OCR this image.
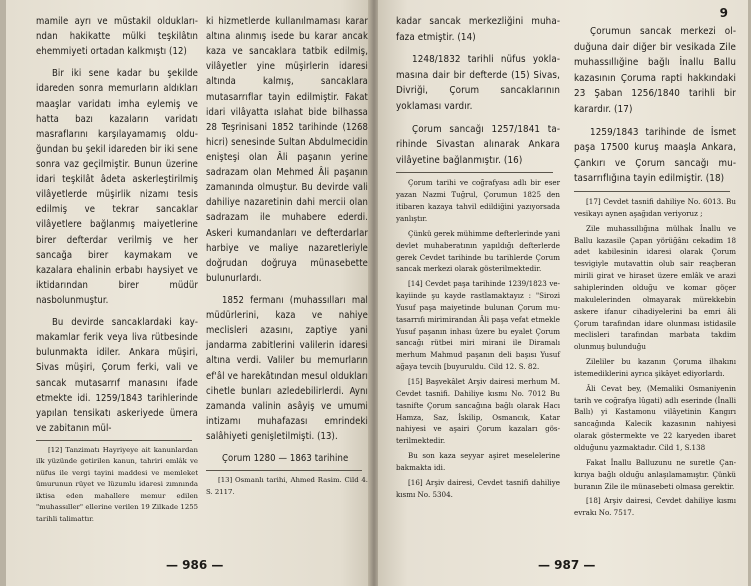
mamile ayrı ve müstakil olduklarından hakikatte mülki teşkilâtın ehemmiyeti ortadan kalkmıştı (12)

Bir iki sene kadar bu şekilde idareden sonra memurların aldıkları maaşlar varidatı imha eylemiş ve hatta bazı kazaların varidatı masraflarını karşılayamamış olduğundan bu şekil idareden bir iki sene sonra vaz geçilmiştir. Bunun üzerine idari teşkilât âdeta askerleştirilmiş vilâyetlerde müşirlik nizamı tesis edilmiş ve tekrar sancaklar vilâyetlere bağlanmış maiyetlerine birer defterdar verilmiş ve her sancağa birer kaymakam ve kazalara ehalinin erbabı haysiyet ve iktidarından birer müdür nasbolunmuştur.

Bu devirde sancaklardaki kaymakamlar ferik veya liva rütbesinde bulunmakta idiler. Ankara müşiri, Sivas müşiri, Çorum ferki, vali ve sancak mutasarrıf manasını ifade etmekte idi. 1259/1843 tarihlerinde yapılan tensikatı askeriyede ümera ve zabitanın mül-

[12] Tanzimatı Hayriyeye ait kanunlardan ilk yüzünde getirilen kanun, tahriri emlâk ve nüfus ile vergi tayini maddesi ve memleket ümurunun rüyet ve lüzumlu idaresi zımnında iktisa eden mahallere memur edilen "muhassıller" ellerine verilen 19 Zilkade 1255 tarihli talimattır.

ki hizmetlerde kullanılmaması karar altına alınmış isede bu karar ancak kaza ve sancaklara tatbik edilmiş, vilâyetler yine müşirlerin idaresi altında kalmış, sancaklara mutasarrıflar tayin edilmiştir. Fakat idari vilâyatta ıslahat bide bilhassa 28 Teşrinisani 1852 tarihinde (1268 hicri) senesinde Sultan Abdulmecidin enişteşi olan Âli paşanın yerine sadrazam olan Mehmed Âli paşanın zamanında olmuştur. Bu devirde vali dahiliye nazaretinin dahi mercii olan sadrazam ile muhabere ederdi. Askeri kumandanları ve defterdarlar harbiye ve maliye nazaretleriyle doğrudan doğruya münasebette bulunurlardı.

1852 fermanı (muhassılları mal müdürlerini, kaza ve nahiye meclisleri azasını, zaptiye yani jandarma zabitlerini valilerin idaresi altına verdi. Valiler bu memurların ef'âl ve harekâtından mesul oldukları cihetle bunları azledebilirlerdi. Aynı zamanda valinin asâyiş ve umumi intizamı muhafazası emrindeki salâhiyeti genişletilmişti. (13).

Çorum 1280 — 1863 tarihine

[13] Osmanlı tarihi, Ahmed Rasim. Cild 4. S. 2117.

— 986 —
9

kadar sancak merkezliğini muhafaza etmiştir. (14)

1248/1832 tarihli nüfus yoklamasına dair bir defterde (15) Sivas, Divriği, Çorum sancaklarının yoklaması vardır.

Çorum sancağı 1257/1841 tarihinde Sivastan alınarak Ankara vilâyetine bağlanmıştır. (16)

Çorum tarihi ve coğrafyası adlı bir eser yazan Nazmi Tuğrul, Çorumun 1825 den itibaren kazaya tahvil edildiğini yazıyorsada yanlıştır.

Çünkü gerek mühimme defterlerinde yani devlet muhaberatının yapıldığı defterlerde gerek Cevdet tarihinde bu tarihlerde Çorum sancak merkezi olarak gösterilmektedir.

[14] Cevdet paşa tarihinde 1239/1823 vekayiinde şu kayde rastlamaktayız : "Sirozi Yusuf paşa maiyetinde bulunan Çorum mutasarrıfı mirimirandan Âli paşa vefat etmekle Yusuf paşanın inhası üzere bu eyalet Çorum sancağı rütbei miri mirani ile Diramalı merhum Mahmud paşanın deli başısı Yusuf ağaya tevcih [buyuruldu. Cild 12. S. 82.

[15] Başvekâlet Arşiv dairesi merhum M. Cevdet tasnifi. Dahiliye kısmı No. 7012 Bu tasnifte Çorum sancağına bağlı olarak Hacı Hamza, Saz, İskilip, Osmancık, Katar nahiyesi ve aşairi Çorum kazaları gösterilmektedir.

Bu son kaza seyyar aşiret meselelerine bakmakta idi.

[16] Arşiv dairesi, Cevdet tasnifi dahiliye kısmı No. 5304.

Çorumun sancak merkezi olduğuna dair diğer bir vesikada Zile muhassıllığine bağlı İnallu Ballu kazasının Çoruma rapti hakkındaki 23 Şaban 1256/1840 tarihli bir karardır. (17)

1259/1843 tarihinde de İsmet paşa 17500 kuruş maaşla Ankara, Çankırı ve Çorum sancağı mutasarrıflığına tayin edilmiştir. (18)

[17] Cevdet tasnifi dahiliye No. 6013. Bu vesikayı aynen aşağıdan veriyoruz ;

Zile muhassıllığına mülhak İnallu ve Ballu kazasile Çapan yörüğânı cekadim 18 adet kabilesinin idaresi olarak Çorum tesvigiyle mutavattin olub sair reaçberan mirili girat ve hiraset üzere emlâk ve arazi sahiplerinden olduğu ve komar göçer makulelerinden olmayarak mürekkebin askere ifanur cihadiyelerini ba emri âli Çorum tarafından idare olunması istidasile meclisleri tarafından marbata takdim olunmuş bulunduğu

Zileliler bu kazanın Çoruma ilhakını istemediklerini ayrıca şikâyet ediyorlardı.

Âli Cevat bey, (Memaliki Osmaniyenin tarih ve coğrafya lûgati) adlı eserinde (İnalli Ballı) yi Kastamonu vilâyetinin Kangırı sancağında Kalecik kazasının nahiyesi olarak göstermekte ve 22 karyeden ibaret olduğunu yazmaktadır. Cild 1, S.138

Fakat İnallu Balluzunu ne suretle Çankırıya bağlı olduğu anlaşılamamıştır. Çünkü buranın Zile ile münasebeti olmasa gerektir.

[18] Arşiv dairesi, Cevdet dahiliye kısmı evrakı No. 7517.

— 987 —
